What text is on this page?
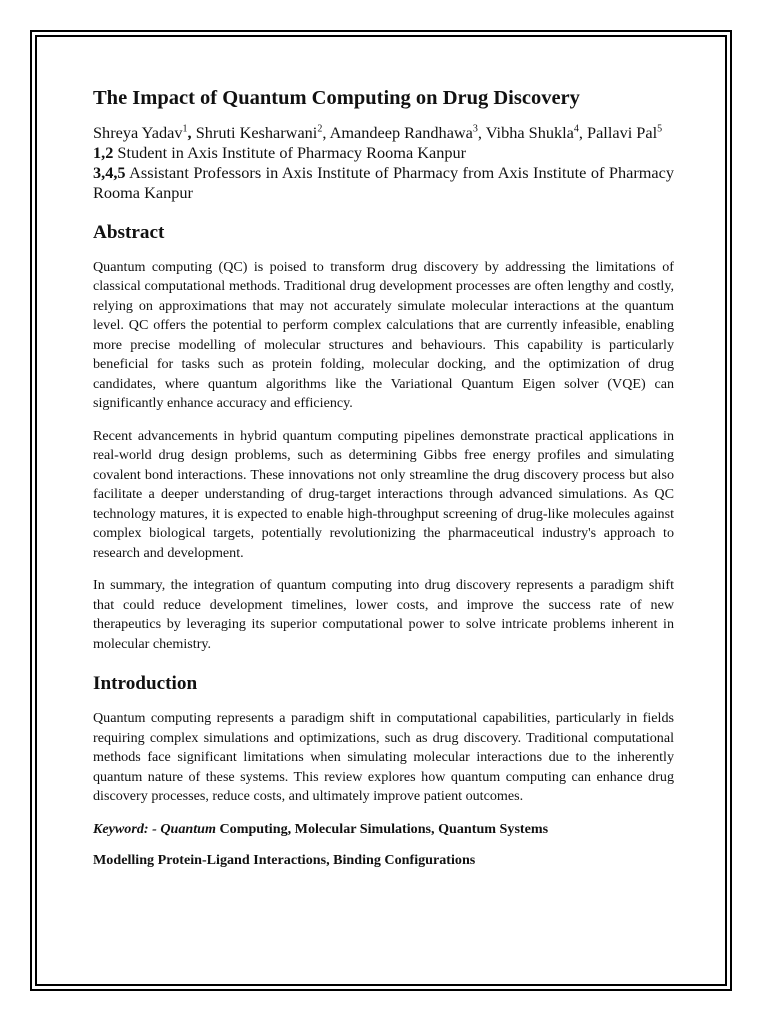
The Impact of Quantum Computing on Drug Discovery

Shreya Yadav$^1$, Shruti Kesharwani$^2$, Amandeep Randhawa$^3$, Vibha Shukla$^4$, Pallavi Pal$^5$

1,2 Student in Axis Institute of Pharmacy Rooma Kanpur

3,4,5 Assistant Professors in Axis Institute of Pharmacy from Axis Institute of Pharmacy Rooma Kanpur

Abstract

Quantum computing (QC) is poised to transform drug discovery by addressing the limitations of classical computational methods. Traditional drug development processes are often lengthy and costly, relying on approximations that may not accurately simulate molecular interactions at the quantum level. QC offers the potential to perform complex calculations that are currently infeasible, enabling more precise modelling of molecular structures and behaviours. This capability is particularly beneficial for tasks such as protein folding, molecular docking, and the optimization of drug candidates, where quantum algorithms like the Variational Quantum Eigen solver (VQE) can significantly enhance accuracy and efficiency.

Recent advancements in hybrid quantum computing pipelines demonstrate practical applications in real-world drug design problems, such as determining Gibbs free energy profiles and simulating covalent bond interactions. These innovations not only streamline the drug discovery process but also facilitate a deeper understanding of drug-target interactions through advanced simulations. As QC technology matures, it is expected to enable high-throughput screening of drug-like molecules against complex biological targets, potentially revolutionizing the pharmaceutical industry's approach to research and development.

In summary, the integration of quantum computing into drug discovery represents a paradigm shift that could reduce development timelines, lower costs, and improve the success rate of new therapeutics by leveraging its superior computational power to solve intricate problems inherent in molecular chemistry.

Introduction

Quantum computing represents a paradigm shift in computational capabilities, particularly in fields requiring complex simulations and optimizations, such as drug discovery. Traditional computational methods face significant limitations when simulating molecular interactions due to the inherently quantum nature of these systems. This review explores how quantum computing can enhance drug discovery processes, reduce costs, and ultimately improve patient outcomes.

Keyword: - Quantum Computing, Molecular Simulations, Quantum Systems

Modelling Protein-Ligand Interactions, Binding Configurations
